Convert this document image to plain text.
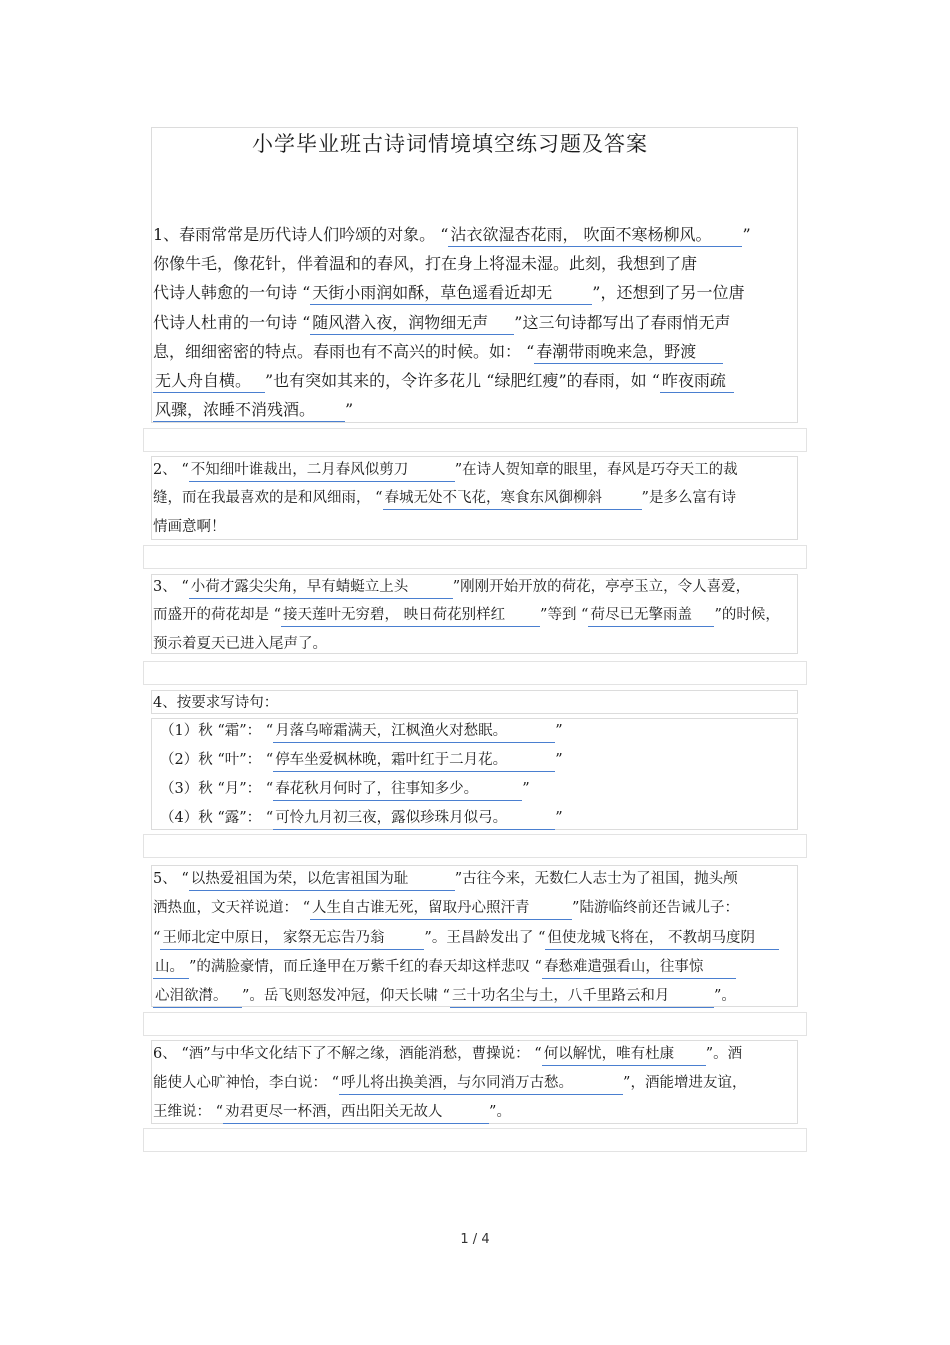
小学毕业班古诗词情境填空练习题及答案
1、春雨常常是历代诗人们吟颂的对象。 “ 沾衣欲湿杏花雨， 吹面不寒杨柳风。 ”
你像牛毛，像花针，伴着温和的春风，打在身上将湿未湿。此刻，我想到了唐
代诗人韩愈的一句诗 “ 天街小雨润如酥，草色遥看近却无 ”，还想到了另一位唐
代诗人杜甫的一句诗 “ 随风潜入夜，润物细无声 ”这三句诗都写出了春雨悄无声
息，细细密密的特点。春雨也有不高兴的时候。如： “ 春潮带雨晚来急，野渡
无人舟自横。 ”也有突如其来的，令许多花儿 “绿肥红瘦”的春雨，如 “ 昨夜雨疏
风骤，浓睡不消残酒。 ”
2、 “ 不知细叶谁裁出，二月春风似剪刀	”在诗人贺知章的眼里，春风是巧夺天工的裁
缝，而在我最喜欢的是和风细雨， “ 春城无处不飞花，寒食东风御柳斜	”是多么富有诗
情画意啊！
3、 “ 小荷才露尖尖角，早有蜻蜓立上头	”刚刚开始开放的荷花，亭亭玉立，令人喜爱，
而盛开的荷花却是 “ 接天莲叶无穷碧， 映日荷花别样红 ”等到 “ 荷尽已无擎雨盖 ”的时候，
预示着夏天已进入尾声了。
4、按要求写诗句：
（1）秋 “霜”： “ 月落乌啼霜满天，江枫渔火对愁眠。	”
（2）秋 “叶”： “ 停车坐爱枫林晚，霜叶红于二月花。	”
（3）秋 “月”： “ 春花秋月何时了，往事知多少。	”
（4）秋 “露”： “ 可怜九月初三夜，露似珍珠月似弓。	”
5、 “ 以热爱祖国为荣，以危害祖国为耻	”古往今来，无数仁人志士为了祖国，抛头颅
洒热血，文天祥说道： “ 人生自古谁无死，留取丹心照汗青	”陆游临终前还告诫儿子：
“ 王师北定中原日， 家祭无忘告乃翁	”。王昌龄发出了 “ 但使龙城飞将在， 不教胡马度阴
山。 ”的满脸豪情，而丘逢甲在万紫千红的春天却这样悲叹 “ 春愁难遣强看山，往事惊
心泪欲潸。 ”。岳飞则怒发冲冠，仰天长啸 “ 三十功名尘与土，八千里路云和月	”。
6、 “酒”与中华文化结下了不解之缘，酒能消愁，曹操说： “ 何以解忧，唯有杜康 ”。酒
能使人心旷神怡，李白说： “ 呼儿将出换美酒，与尔同消万古愁。	”，酒能增进友谊，
王维说： “ 劝君更尽一杯酒，西出阳关无故人	”。
1 / 4
